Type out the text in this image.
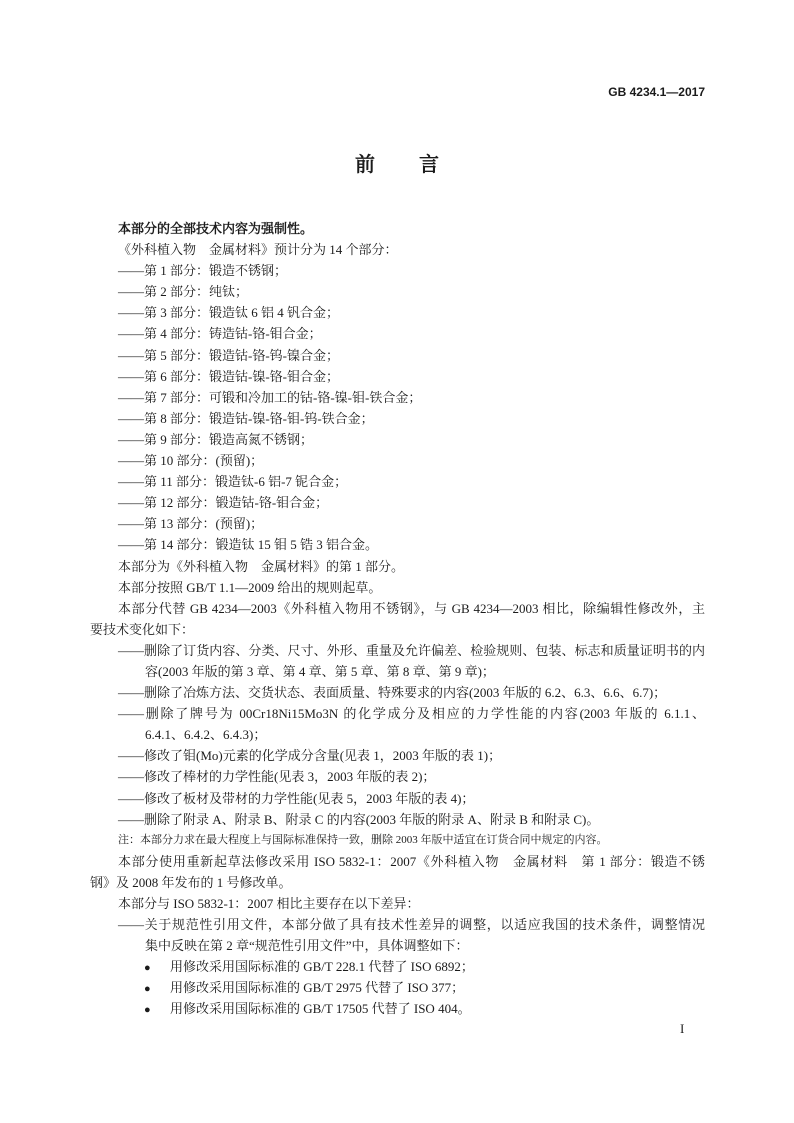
GB 4234.1—2017
前　言
本部分的全部技术内容为强制性。
《外科植入物　金属材料》预计分为 14 个部分：
——第 1 部分：锻造不锈钢；
——第 2 部分：纯钛；
——第 3 部分：锻造钛 6 铝 4 钒合金；
——第 4 部分：铸造钴-铬-钼合金；
——第 5 部分：锻造钴-铬-钨-镍合金；
——第 6 部分：锻造钴-镍-铬-钼合金；
——第 7 部分：可锻和冷加工的钴-铬-镍-钼-铁合金；
——第 8 部分：锻造钴-镍-铬-钼-钨-铁合金；
——第 9 部分：锻造高氮不锈钢；
——第 10 部分：(预留)；
——第 11 部分：锻造钛-6 铝-7 铌合金；
——第 12 部分：锻造钴-铬-钼合金；
——第 13 部分：(预留)；
——第 14 部分：锻造钛 15 钼 5 锆 3 铝合金。
本部分为《外科植入物　金属材料》的第 1 部分。
本部分按照 GB/T 1.1—2009 给出的规则起草。
本部分代替 GB 4234—2003《外科植入物用不锈钢》，与 GB 4234—2003 相比，除编辑性修改外，主
要技术变化如下：
——删除了订货内容、分类、尺寸、外形、重量及允许偏差、检验规则、包装、标志和质量证明书的内
容(2003 年版的第 3 章、第 4 章、第 5 章、第 8 章、第 9 章)；
——删除了冶炼方法、交货状态、表面质量、特殊要求的内容(2003 年版的 6.2、6.3、6.6、6.7)；
——删除了牌号为 00Cr18Ni15Mo3N 的化学成分及相应的力学性能的内容(2003 年版的 6.1.1、
6.4.1、6.4.2、6.4.3)；
——修改了钼(Mo)元素的化学成分含量(见表 1，2003 年版的表 1)；
——修改了棒材的力学性能(见表 3，2003 年版的表 2)；
——修改了板材及带材的力学性能(见表 5，2003 年版的表 4)；
——删除了附录 A、附录 B、附录 C 的内容(2003 年版的附录 A、附录 B 和附录 C)。
注：本部分力求在最大程度上与国际标准保持一致，删除 2003 年版中适宜在订货合同中规定的内容。
本部分使用重新起草法修改采用 ISO 5832-1：2007《外科植入物　金属材料　第 1 部分：锻造不锈
钢》及 2008 年发布的 1 号修改单。
本部分与 ISO 5832-1：2007 相比主要存在以下差异：
——关于规范性引用文件，本部分做了具有技术性差异的调整，以适应我国的技术条件，调整情况
集中反映在第 2 章“规范性引用文件”中，具体调整如下：
● 用修改采用国际标准的 GB/T 228.1 代替了 ISO 6892；
● 用修改采用国际标准的 GB/T 2975 代替了 ISO 377；
● 用修改采用国际标准的 GB/T 17505 代替了 ISO 404。
I
